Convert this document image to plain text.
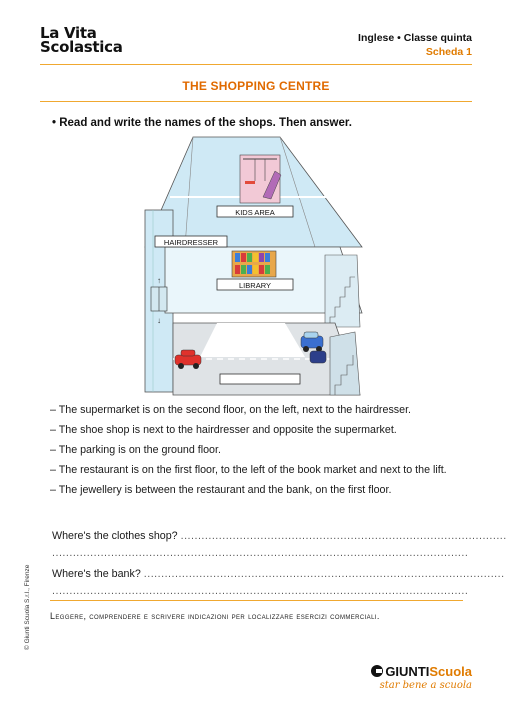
La Vita
Scolastica	Inglese • Classe quinta
Scheda 1
THE SHOPPING CENTRE
• Read and write the names of the shops. Then answer.
KIDS AREA
HAIRDRESSER
LIBRARY
↑
↓

– The supermarket is on the second floor, on the left, next to the hairdresser.

– The shoe shop is next to the hairdresser and opposite the supermarket.

– The parking is on the ground floor.

– The restaurant is on the first floor, to the left of the book market and next to the lift.

– The jewellery is between the restaurant and the bank, on the first floor.

Where's the clothes shop? ..............................................................................................
........................................................................................................................
Where's the bank? ........................................................................................................
........................................................................................................................
Leggere, comprendere e scrivere indicazioni per localizzare esercizi commerciali.
© Giunti Scuola S.r.l., Firenze
GIUNTIScuola
star bene a scuola
